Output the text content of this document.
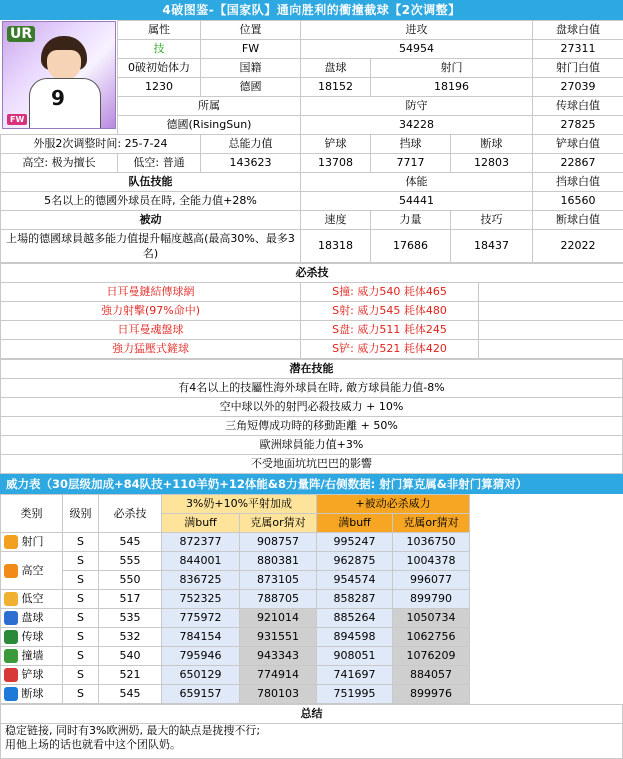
4破图鉴-【国家队】通向胜利的衝撞截球【2次调整】
UR
9
FW
	属性	位置	进攻			盘球白值
	技	FW	54954			27311
	0破初始体力	国籍	盘球	射门		射门白值
	1230	德國	18152	18196		27039
	所属		防守			传球白值
	德國(RisingSun)		34228			27825
外服2次调整时间: 25-7-24		总能力值	铲球	挡球	断球	铲球白值
高空: 极为擅长	低空: 普通	143623	13708	7717	12803	22867
队伍技能			体能			挡球白值
5名以上的德國外球员在時, 全能力值+28%			54441			16560
被动			速度	力量	技巧	断球白值
上場的德國球員越多能力值提升幅度越高(最高30%、最多3名)			18318	17686	18437	22022
必杀技		
日耳曼鏈結傳球網	S撞: 威力540 耗体465	
強力射擊(97%命中)	S射: 威力545 耗体480	
日耳曼魂盤球	S盘: 威力511 耗体245	
強力猛壓式鏟球	S铲: 威力521 耗体420	
潜在技能
有4名以上的技屬性海外球員在時, 敵方球員能力值-8%
空中球以外的射門必殺技威力 + 10%
三角短傳成功時的移動距離 + 50%
歐洲球員能力值+3%
不受地面坑坑巴巴的影響
威力表（30层级加成+84队技+110羊奶+12体能&8力量阵/右侧数据: 射门算克属&非射门算猜对）
类别	级别	必杀技	3%奶+10%平射加成		+被动必杀威力		
			满buff	克属or猜对	满buff	克属or猜对	
射门	S	545	872377	908757	995247	1036750	
高空	S	555	844001	880381	962875	1004378	
	S	550	836725	873105	954574	996077	
低空	S	517	752325	788705	858287	899790	
盘球	S	535	775972	921014	885264	1050734	
传球	S	532	784154	931551	894598	1062756	
撞墙	S	540	795946	943343	908051	1076209	
铲球	S	521	650129	774914	741697	884057	
断球	S	545	659157	780103	751995	899976	
总结
稳定链接, 同时有3%欧洲奶, 最大的缺点是拢搜不行;
用他上场的话也就看中这个团队奶。
